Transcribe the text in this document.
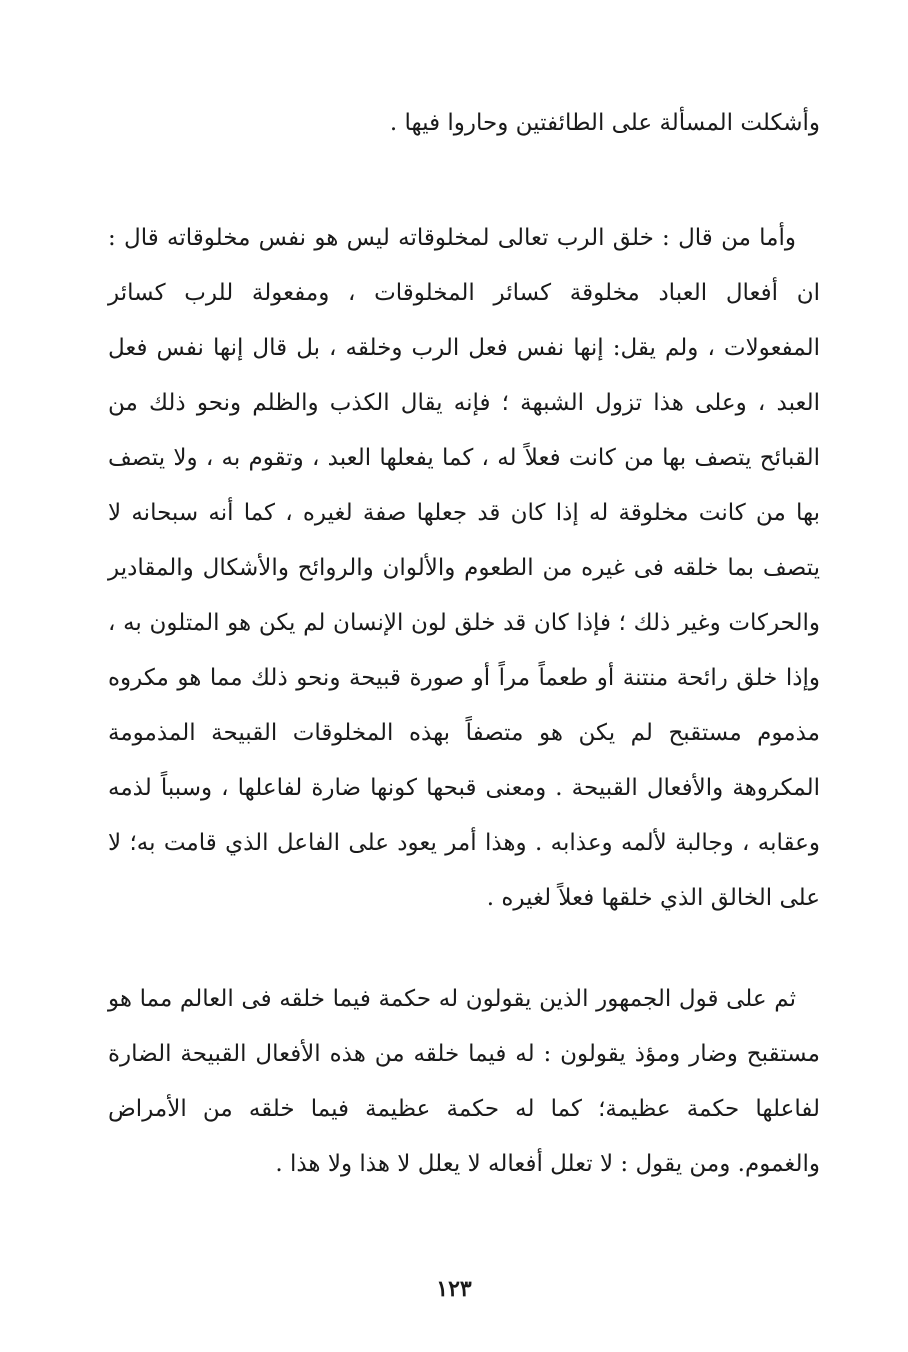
وأشكلت المسألة على الطائفتين وحاروا فيها .

وأما من قال : خلق الرب تعالى لمخلوقاته ليس هو نفس مخلوقاته قال : ان أفعال العباد مخلوقة كسائر المخلوقات ، ومفعولة للرب كسائر المفعولات ، ولم يقل: إنها نفس فعل الرب وخلقه ، بل قال إنها نفس فعل العبد ، وعلى هذا تزول الشبهة ؛ فإنه يقال الكذب والظلم ونحو ذلك من القبائح يتصف بها من كانت فعلاً له ، كما يفعلها العبد ، وتقوم به ، ولا يتصف بها من كانت مخلوقة له إذا كان قد جعلها صفة لغيره ، كما أنه سبحانه لا يتصف بما خلقه فى غيره من الطعوم والألوان والروائح والأشكال والمقادير والحركات وغير ذلك ؛ فإذا كان قد خلق لون الإنسان لم يكن هو المتلون به ، وإذا خلق رائحة منتنة أو طعماً مراً أو صورة قبيحة ونحو ذلك مما هو مكروه مذموم مستقبح لم يكن هو متصفاً بهذه المخلوقات القبيحة المذمومة المكروهة والأفعال القبيحة . ومعنى قبحها كونها ضارة لفاعلها ، وسبباً لذمه وعقابه ، وجالبة لألمه وعذابه . وهذا أمر يعود على الفاعل الذي قامت به؛ لا على الخالق الذي خلقها فعلاً لغيره .

ثم على قول الجمهور الذين يقولون له حكمة فيما خلقه فى العالم مما هو مستقبح وضار ومؤذ يقولون : له فيما خلقه من هذه الأفعال القبيحة الضارة لفاعلها حكمة عظيمة؛ كما له حكمة عظيمة فيما خلقه من الأمراض والغموم. ومن يقول : لا تعلل أفعاله لا يعلل لا هذا ولا هذا .

١٢٣
